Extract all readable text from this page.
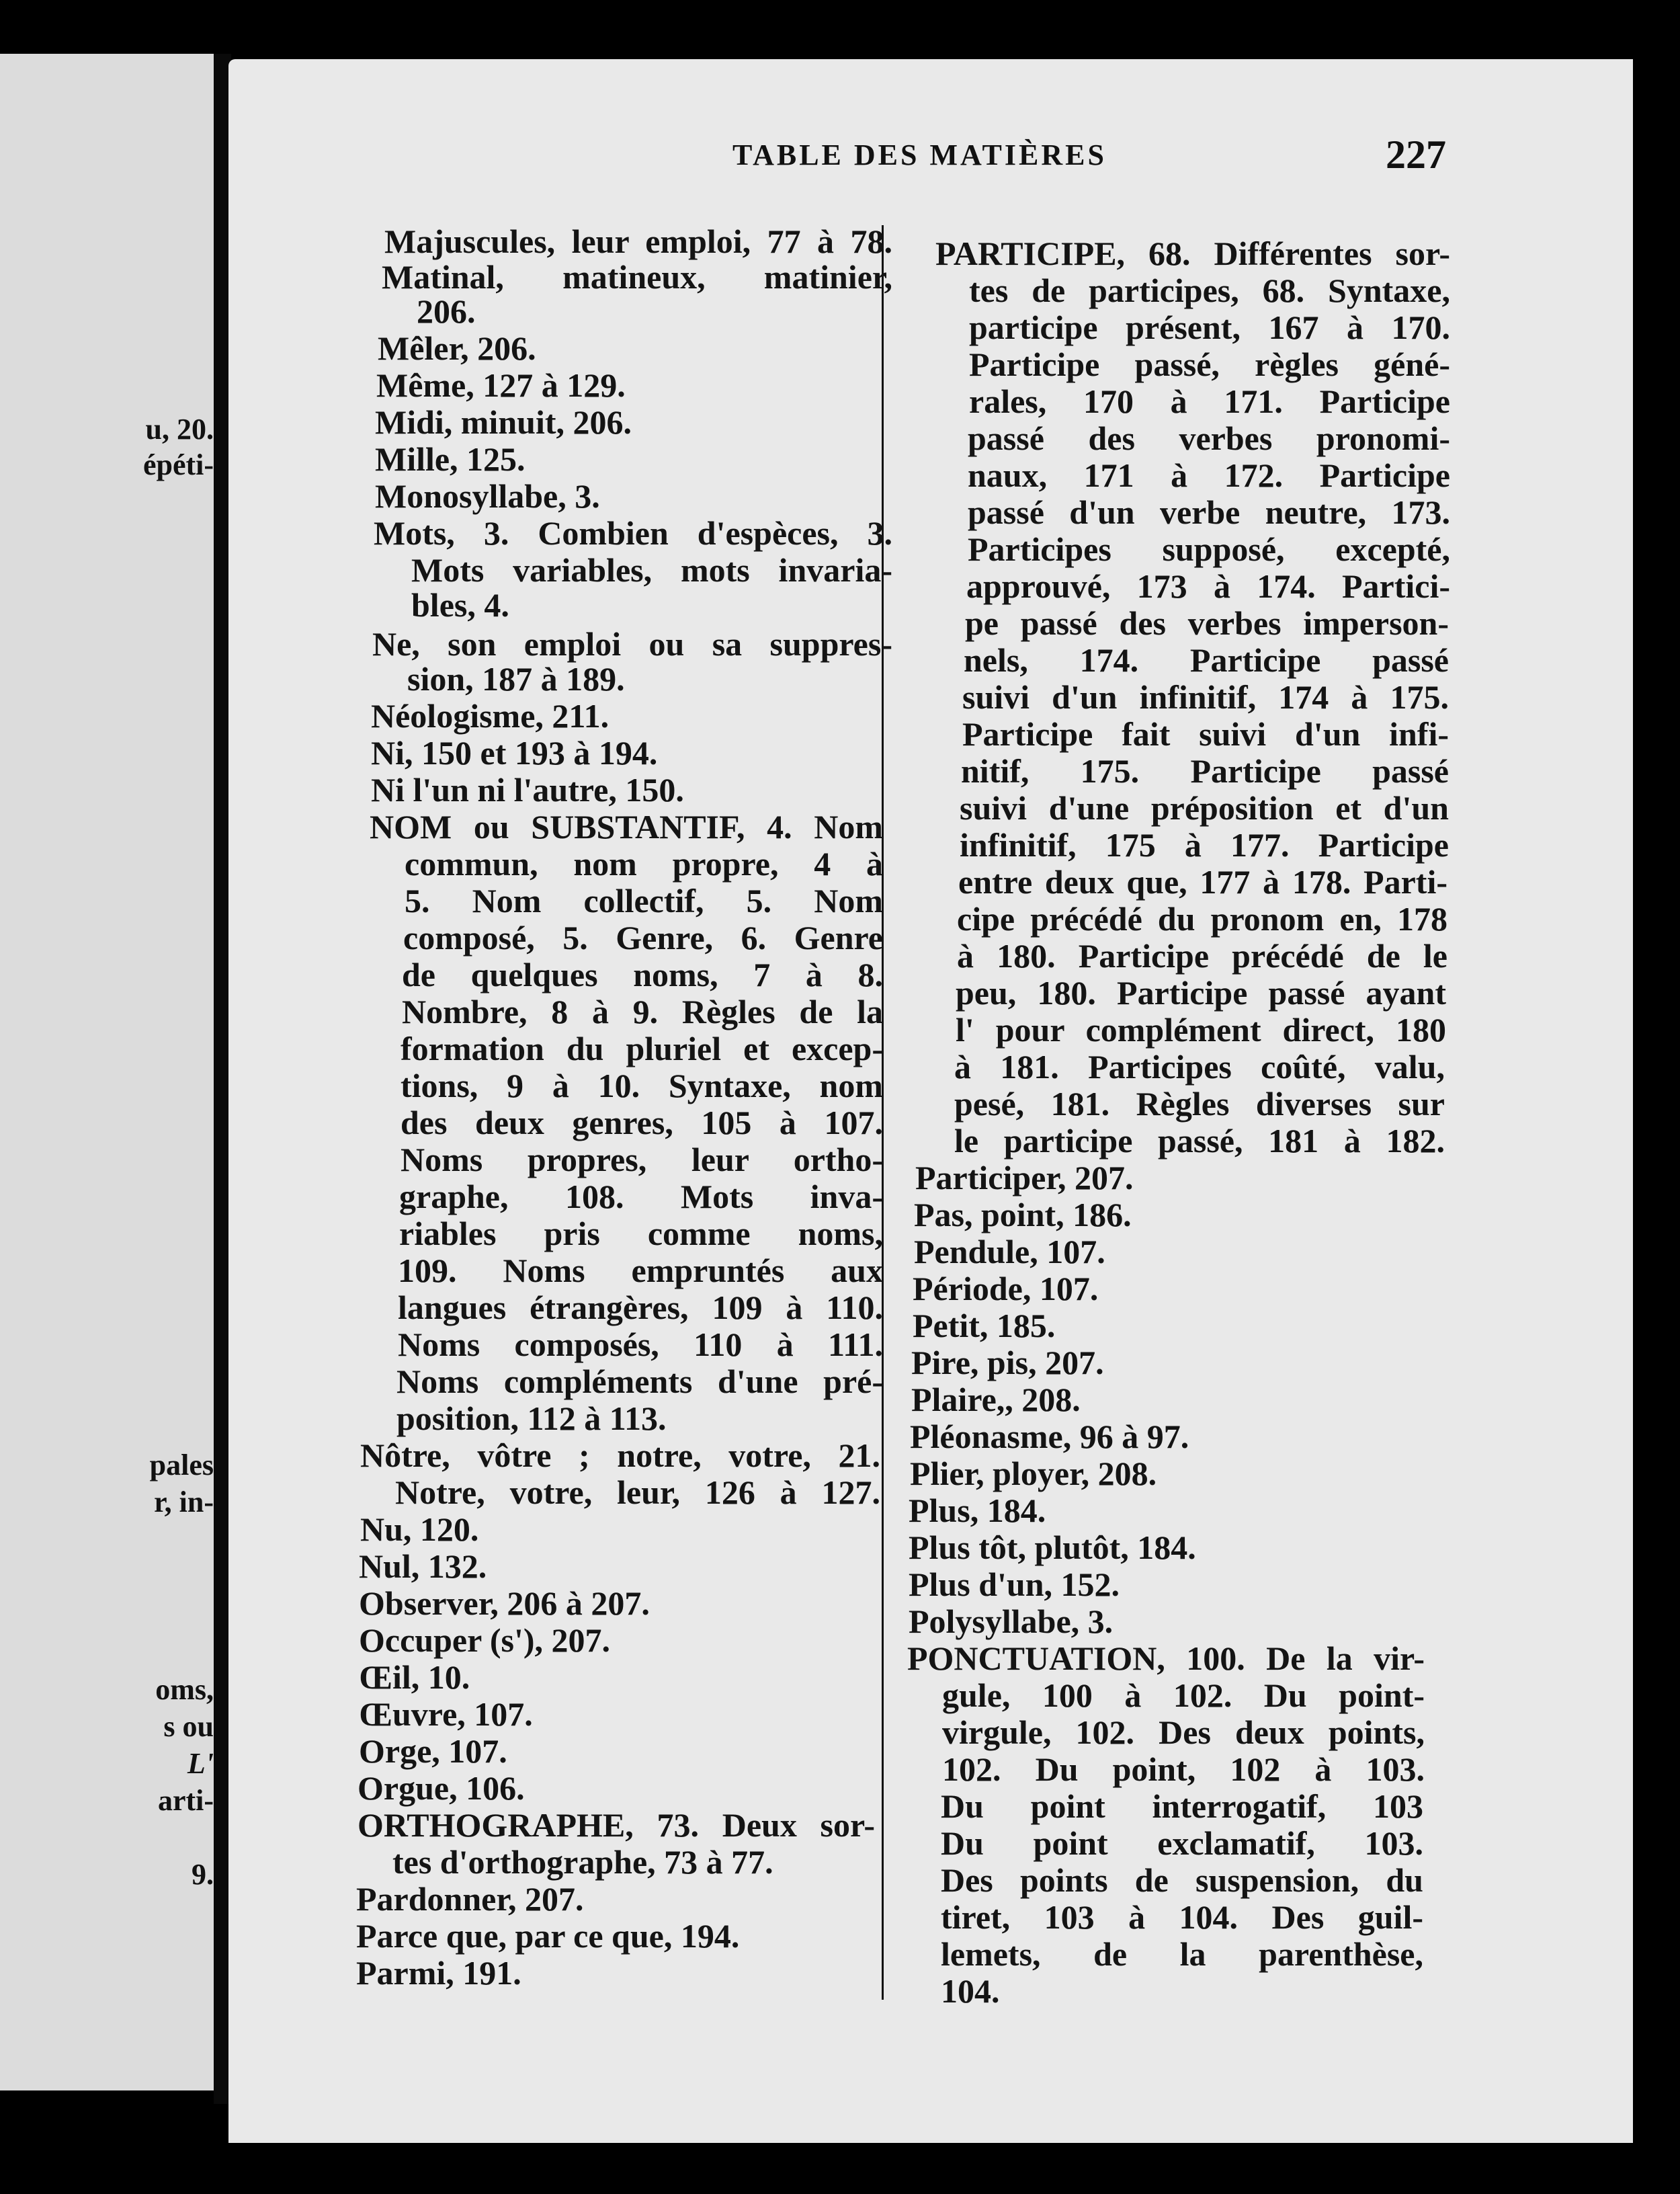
u, 20.
épéti-
pales
r, in-
oms,
s ou
L'
arti-
9.
TABLE DES MATIÈRES	227
Majuscules, leur emploi, 77 à 78.
Matinal, matineux, matinier,
206.
Mêler, 206.
Même, 127 à 129.
Midi, minuit, 206.
Mille, 125.
Monosyllabe, 3.
Mots, 3. Combien d'espèces, 3.
Mots variables, mots invaria-
bles, 4.
Ne, son emploi ou sa suppres-
sion, 187 à 189.
Néologisme, 211.
Ni, 150 et 193 à 194.
Ni l'un ni l'autre, 150.
NOM ou SUBSTANTIF, 4. Nom
commun, nom propre, 4 à
5. Nom collectif, 5. Nom
composé, 5. Genre, 6. Genre
de quelques noms, 7 à 8.
Nombre, 8 à 9. Règles de la
formation du pluriel et excep-
tions, 9 à 10. Syntaxe, nom
des deux genres, 105 à 107.
Noms propres, leur ortho-
graphe, 108. Mots inva-
riables pris comme noms,
109. Noms empruntés aux
langues étrangères, 109 à 110.
Noms composés, 110 à 111.
Noms compléments d'une pré-
position, 112 à 113.
Nôtre, vôtre ; notre, votre, 21.
Notre, votre, leur, 126 à 127.
Nu, 120.
Nul, 132.
Observer, 206 à 207.
Occuper (s'), 207.
Œil, 10.
Œuvre, 107.
Orge, 107.
Orgue, 106.
ORTHOGRAPHE, 73. Deux sor-
tes d'orthographe, 73 à 77.
Pardonner, 207.
Parce que, par ce que, 194.
Parmi, 191.
PARTICIPE, 68. Différentes sor-
tes de participes, 68. Syntaxe,
participe présent, 167 à 170.
Participe passé, règles géné-
rales, 170 à 171. Participe
passé des verbes pronomi-
naux, 171 à 172. Participe
passé d'un verbe neutre, 173.
Participes supposé, excepté,
approuvé, 173 à 174. Partici-
pe passé des verbes imperson-
nels, 174. Participe passé
suivi d'un infinitif, 174 à 175.
Participe fait suivi d'un infi-
nitif, 175. Participe passé
suivi d'une préposition et d'un
infinitif, 175 à 177. Participe
entre deux que, 177 à 178. Parti-
cipe précédé du pronom en, 178
à 180. Participe précédé de le
peu, 180. Participe passé ayant
l' pour complément direct, 180
à 181. Participes coûté, valu,
pesé, 181. Règles diverses sur
le participe passé, 181 à 182.
Participer, 207.
Pas, point, 186.
Pendule, 107.
Période, 107.
Petit, 185.
Pire, pis, 207.
Plaire,, 208.
Pléonasme, 96 à 97.
Plier, ployer, 208.
Plus, 184.
Plus tôt, plutôt, 184.
Plus d'un, 152.
Polysyllabe, 3.
PONCTUATION, 100. De la vir-
gule, 100 à 102. Du point-
virgule, 102. Des deux points,
102. Du point, 102 à 103.
Du point interrogatif, 103
Du point exclamatif, 103.
Des points de suspension, du
tiret, 103 à 104. Des guil-
lemets, de la parenthèse,
104.
